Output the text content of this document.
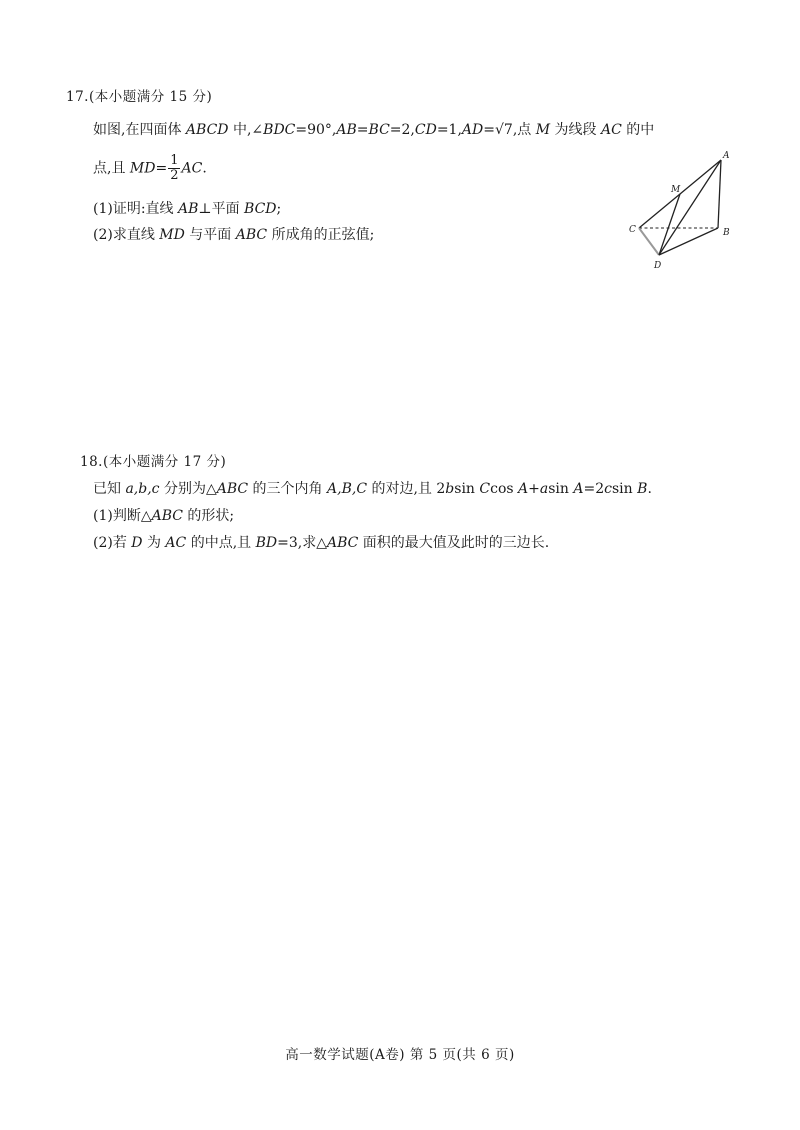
17.(本小题满分 15 分)
如图,在四面体 ABCD 中,∠BDC=90°,AB=BC=2,CD=1,AD=√7,点 M 为线段 AC 的中
点,且 $MD= \frac{1}{2}$ AC.
(1)证明:直线 AB⊥平面 BCD;
(2)求直线 MD 与平面 ABC 所成角的正弦值;
A
M
C	B
D
18.(本小题满分 17 分)
已知 a,b,c 分别为△ABC 的三个内角 A,B,C 的对边,且 2bsin Ccos A+asin A=2csin B.
(1)判断△ABC 的形状;
(2)若 D 为 AC 的中点,且 BD=3,求△ABC 面积的最大值及此时的三边长.
高一数学试题(A卷) 第 5 页(共 6 页)
